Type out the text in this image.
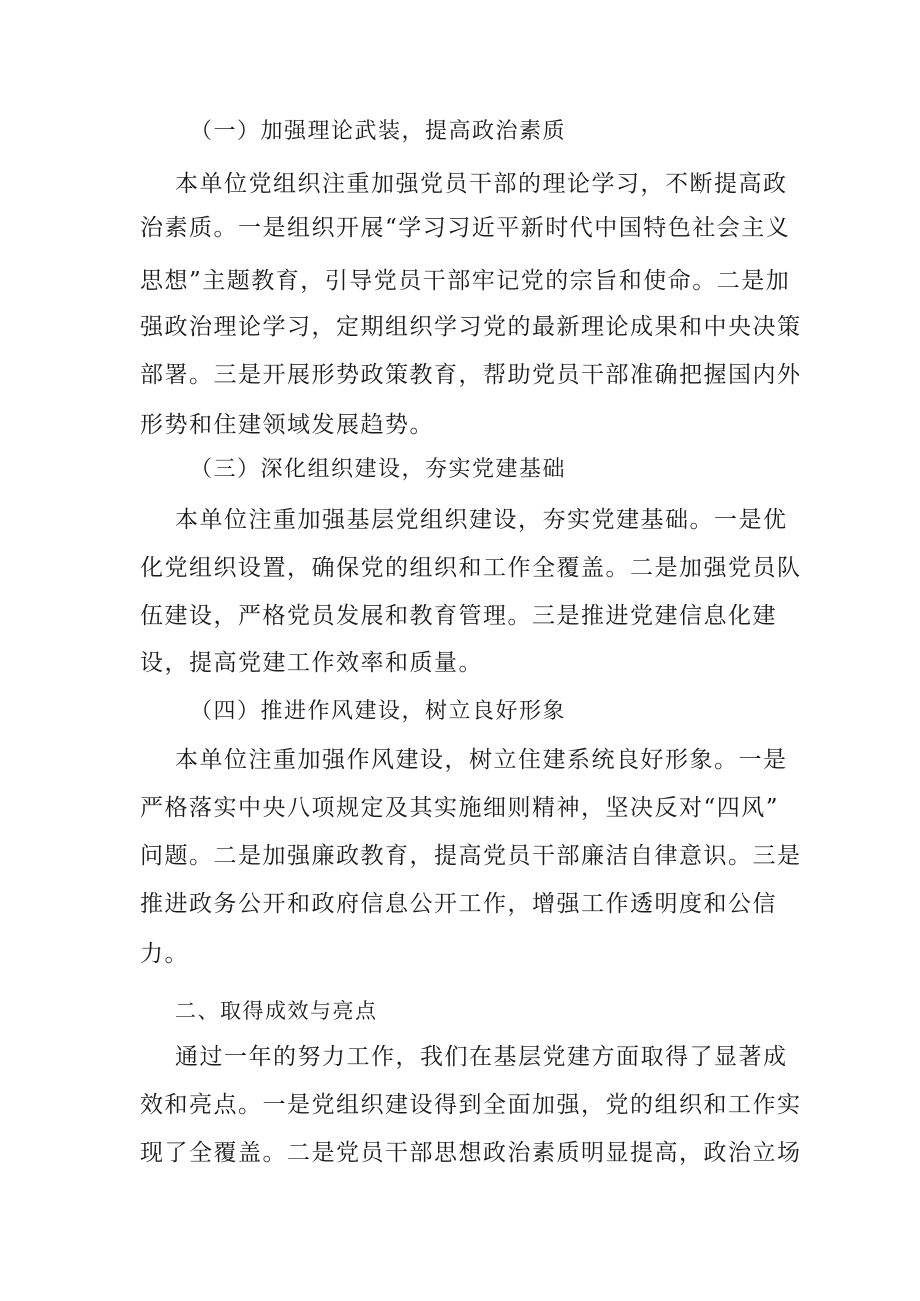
（一）加强理论武装，提高政治素质
本单位党组织注重加强党员干部的理论学习，不断提高政
治素质。一是组织开展“学习习近平新时代中国特色社会主义
思想”主题教育，引导党员干部牢记党的宗旨和使命。二是加
强政治理论学习，定期组织学习党的最新理论成果和中央决策
部署。三是开展形势政策教育，帮助党员干部准确把握国内外
形势和住建领域发展趋势。
（三）深化组织建设，夯实党建基础
本单位注重加强基层党组织建设，夯实党建基础。一是优
化党组织设置，确保党的组织和工作全覆盖。二是加强党员队
伍建设，严格党员发展和教育管理。三是推进党建信息化建
设，提高党建工作效率和质量。
（四）推进作风建设，树立良好形象
本单位注重加强作风建设，树立住建系统良好形象。一是
严格落实中央八项规定及其实施细则精神，坚决反对“四风”
问题。二是加强廉政教育，提高党员干部廉洁自律意识。三是
推进政务公开和政府信息公开工作，增强工作透明度和公信
力。
二、取得成效与亮点
通过一年的努力工作，我们在基层党建方面取得了显著成
效和亮点。一是党组织建设得到全面加强，党的组织和工作实
现了全覆盖。二是党员干部思想政治素质明显提高，政治立场
